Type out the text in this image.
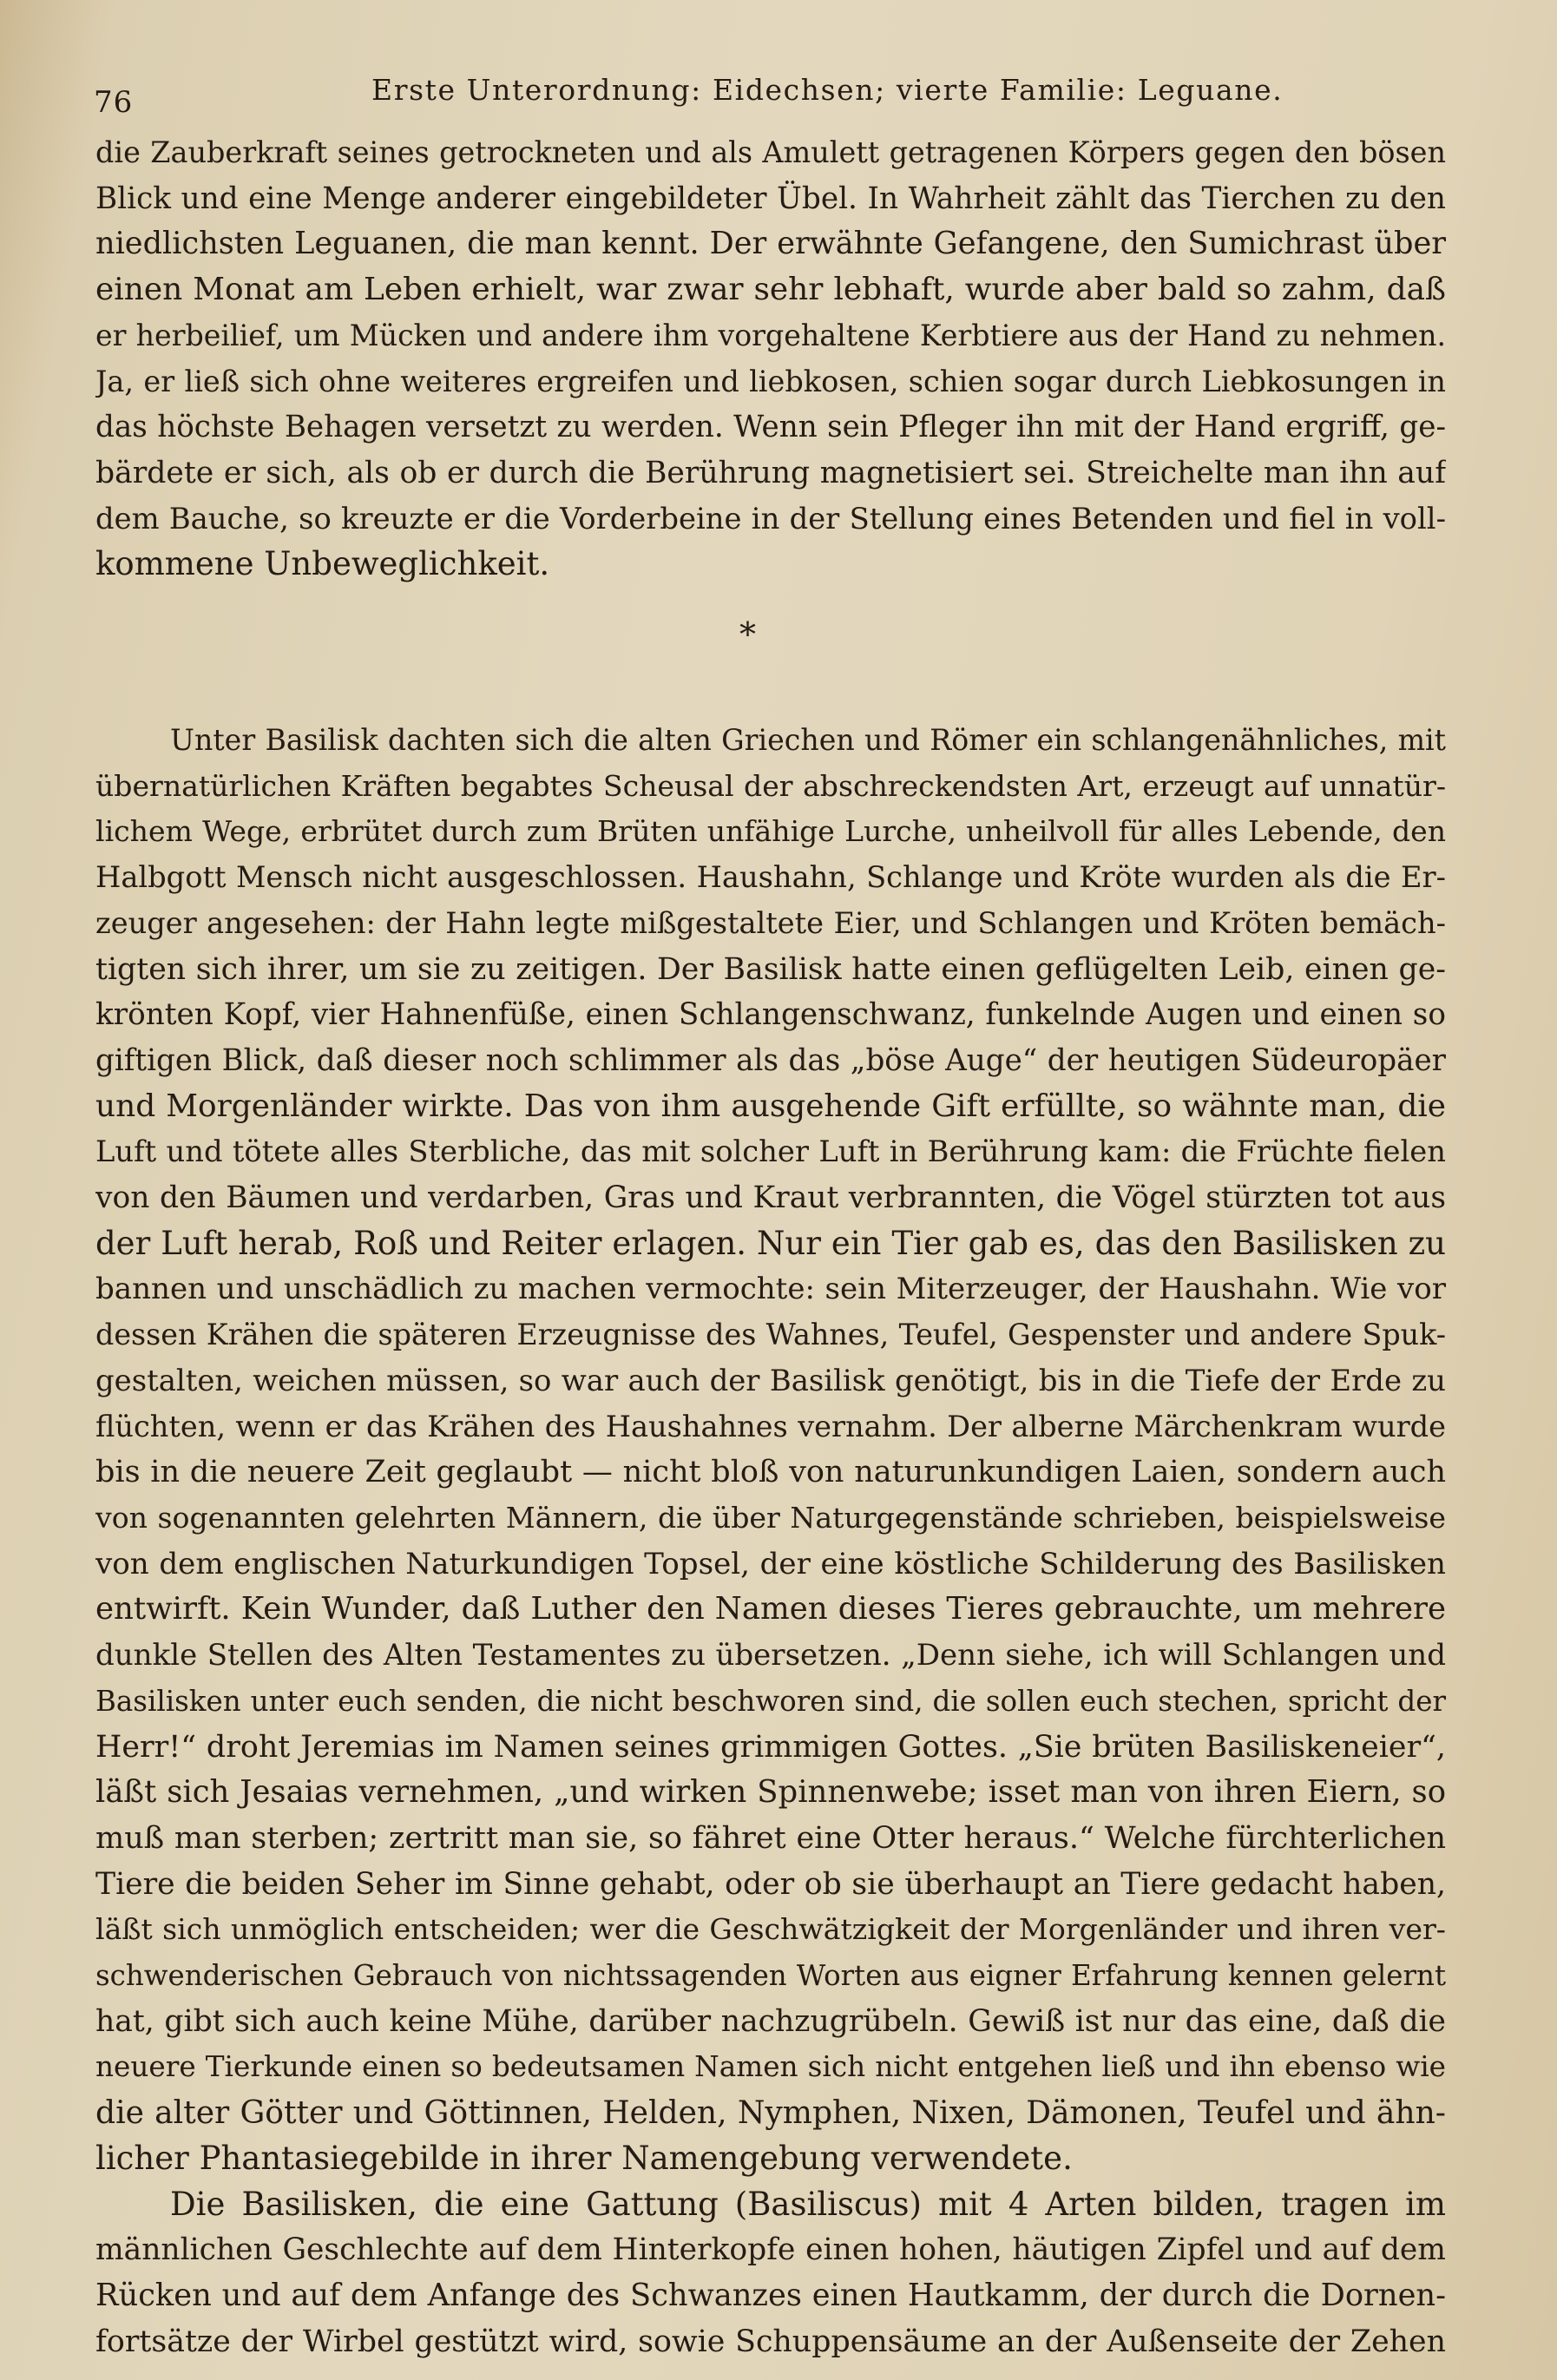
76	Erste Unterordnung: Eidechsen; vierte Familie: Leguane.
die Zauberkraft seines getrockneten und als Amulett getragenen Körpers gegen den bösen
Blick und eine Menge anderer eingebildeter Übel. In Wahrheit zählt das Tierchen zu den
niedlichsten Leguanen, die man kennt. Der erwähnte Gefangene, den Sumichrast über
einen Monat am Leben erhielt, war zwar sehr lebhaft, wurde aber bald so zahm, daß
er herbeilief, um Mücken und andere ihm vorgehaltene Kerbtiere aus der Hand zu nehmen.
Ja, er ließ sich ohne weiteres ergreifen und liebkosen, schien sogar durch Liebkosungen in
das höchste Behagen versetzt zu werden. Wenn sein Pfleger ihn mit der Hand ergriff, ge-
bärdete er sich, als ob er durch die Berührung magnetisiert sei. Streichelte man ihn auf
dem Bauche, so kreuzte er die Vorderbeine in der Stellung eines Betenden und fiel in voll-
kommene Unbeweglichkeit.
*
Unter Basilisk dachten sich die alten Griechen und Römer ein schlangenähnliches, mit
übernatürlichen Kräften begabtes Scheusal der abschreckendsten Art, erzeugt auf unnatür-
lichem Wege, erbrütet durch zum Brüten unfähige Lurche, unheilvoll für alles Lebende, den
Halbgott Mensch nicht ausgeschlossen. Haushahn, Schlange und Kröte wurden als die Er-
zeuger angesehen: der Hahn legte mißgestaltete Eier, und Schlangen und Kröten bemäch-
tigten sich ihrer, um sie zu zeitigen. Der Basilisk hatte einen geflügelten Leib, einen ge-
krönten Kopf, vier Hahnenfüße, einen Schlangenschwanz, funkelnde Augen und einen so
giftigen Blick, daß dieser noch schlimmer als das „böse Auge“ der heutigen Südeuropäer
und Morgenländer wirkte. Das von ihm ausgehende Gift erfüllte, so wähnte man, die
Luft und tötete alles Sterbliche, das mit solcher Luft in Berührung kam: die Früchte fielen
von den Bäumen und verdarben, Gras und Kraut verbrannten, die Vögel stürzten tot aus
der Luft herab, Roß und Reiter erlagen. Nur ein Tier gab es, das den Basilisken zu
bannen und unschädlich zu machen vermochte: sein Miterzeuger, der Haushahn. Wie vor
dessen Krähen die späteren Erzeugnisse des Wahnes, Teufel, Gespenster und andere Spuk-
gestalten, weichen müssen, so war auch der Basilisk genötigt, bis in die Tiefe der Erde zu
flüchten, wenn er das Krähen des Haushahnes vernahm. Der alberne Märchenkram wurde
bis in die neuere Zeit geglaubt — nicht bloß von naturunkundigen Laien, sondern auch
von sogenannten gelehrten Männern, die über Naturgegenstände schrieben, beispielsweise
von dem englischen Naturkundigen Topsel, der eine köstliche Schilderung des Basilisken
entwirft. Kein Wunder, daß Luther den Namen dieses Tieres gebrauchte, um mehrere
dunkle Stellen des Alten Testamentes zu übersetzen. „Denn siehe, ich will Schlangen und
Basilisken unter euch senden, die nicht beschworen sind, die sollen euch stechen, spricht der
Herr!“ droht Jeremias im Namen seines grimmigen Gottes. „Sie brüten Basiliskeneier“,
läßt sich Jesaias vernehmen, „und wirken Spinnenwebe; isset man von ihren Eiern, so
muß man sterben; zertritt man sie, so fähret eine Otter heraus.“ Welche fürchterlichen
Tiere die beiden Seher im Sinne gehabt, oder ob sie überhaupt an Tiere gedacht haben,
läßt sich unmöglich entscheiden; wer die Geschwätzigkeit der Morgenländer und ihren ver-
schwenderischen Gebrauch von nichtssagenden Worten aus eigner Erfahrung kennen gelernt
hat, gibt sich auch keine Mühe, darüber nachzugrübeln. Gewiß ist nur das eine, daß die
neuere Tierkunde einen so bedeutsamen Namen sich nicht entgehen ließ und ihn ebenso wie
die alter Götter und Göttinnen, Helden, Nymphen, Nixen, Dämonen, Teufel und ähn-
licher Phantasiegebilde in ihrer Namengebung verwendete.
Die Basilisken, die eine Gattung (Basiliscus) mit 4 Arten bilden, tragen im
männlichen Geschlechte auf dem Hinterkopfe einen hohen, häutigen Zipfel und auf dem
Rücken und auf dem Anfange des Schwanzes einen Hautkamm, der durch die Dornen-
fortsätze der Wirbel gestützt wird, sowie Schuppensäume an der Außenseite der Zehen
